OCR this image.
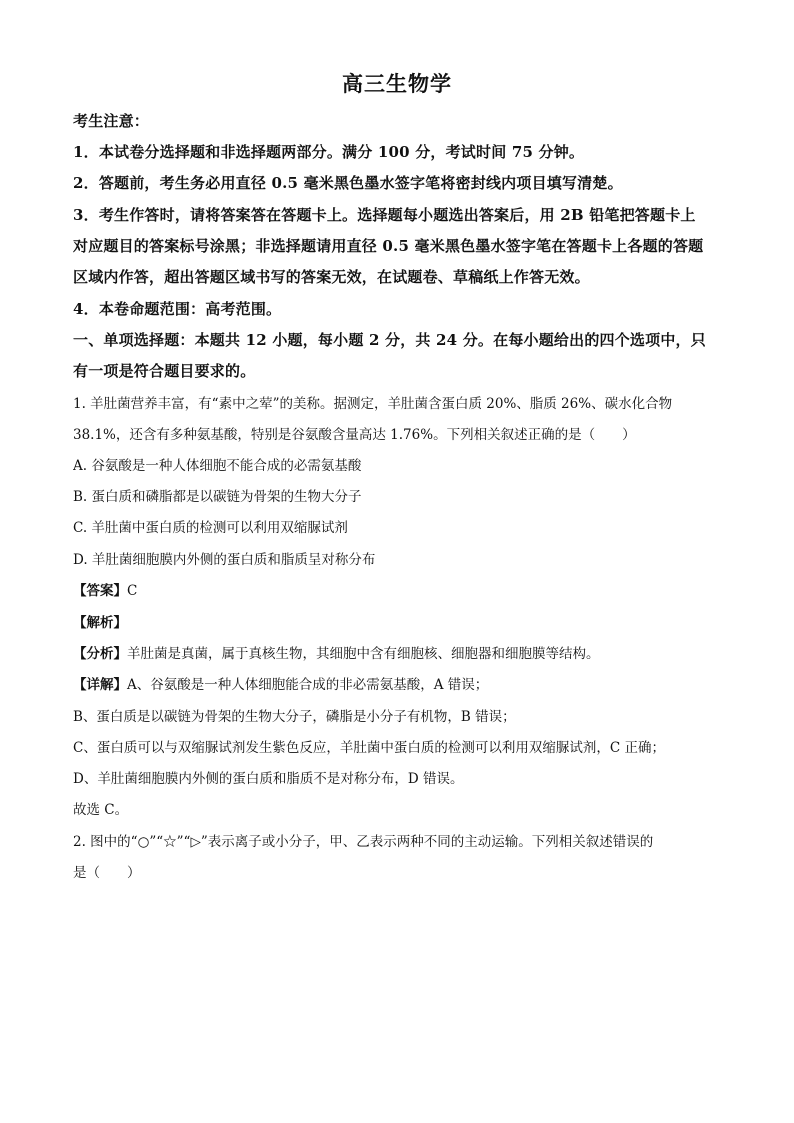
高三生物学
考生注意：
1．本试卷分选择题和非选择题两部分。满分 100 分，考试时间 75 分钟。
2．答题前，考生务必用直径 0.5 毫米黑色墨水签字笔将密封线内项目填写清楚。
3．考生作答时，请将答案答在答题卡上。选择题每小题选出答案后，用 2B 铅笔把答题卡上
对应题目的答案标号涂黑；非选择题请用直径 0.5 毫米黑色墨水签字笔在答题卡上各题的答题
区域内作答，超出答题区域书写的答案无效，在试题卷、草稿纸上作答无效。
4．本卷命题范围：高考范围。
一、单项选择题：本题共 12 小题，每小题 2 分，共 24 分。在每小题给出的四个选项中，只
有一项是符合题目要求的。
1. 羊肚菌营养丰富，有“素中之荤”的美称。据测定，羊肚菌含蛋白质 20%、脂质 26%、碳水化合物
38.1%，还含有多种氨基酸，特别是谷氨酸含量高达 1.76%。下列相关叙述正确的是（　　）
A. 谷氨酸是一种人体细胞不能合成的必需氨基酸
B. 蛋白质和磷脂都是以碳链为骨架的生物大分子
C. 羊肚菌中蛋白质的检测可以利用双缩脲试剂
D. 羊肚菌细胞膜内外侧的蛋白质和脂质呈对称分布
【答案】C
【解析】
【分析】羊肚菌是真菌，属于真核生物，其细胞中含有细胞核、细胞器和细胞膜等结构。
【详解】A、谷氨酸是一种人体细胞能合成的非必需氨基酸，A 错误；
B、蛋白质是以碳链为骨架的生物大分子，磷脂是小分子有机物，B 错误；
C、蛋白质可以与双缩脲试剂发生紫色反应，羊肚菌中蛋白质的检测可以利用双缩脲试剂，C 正确；
D、羊肚菌细胞膜内外侧的蛋白质和脂质不是对称分布，D 错误。
故选 C。
2. 图中的“○”“☆”“▷”表示离子或小分子，甲、乙表示两种不同的主动运输。下列相关叙述错误的
是（　　）
